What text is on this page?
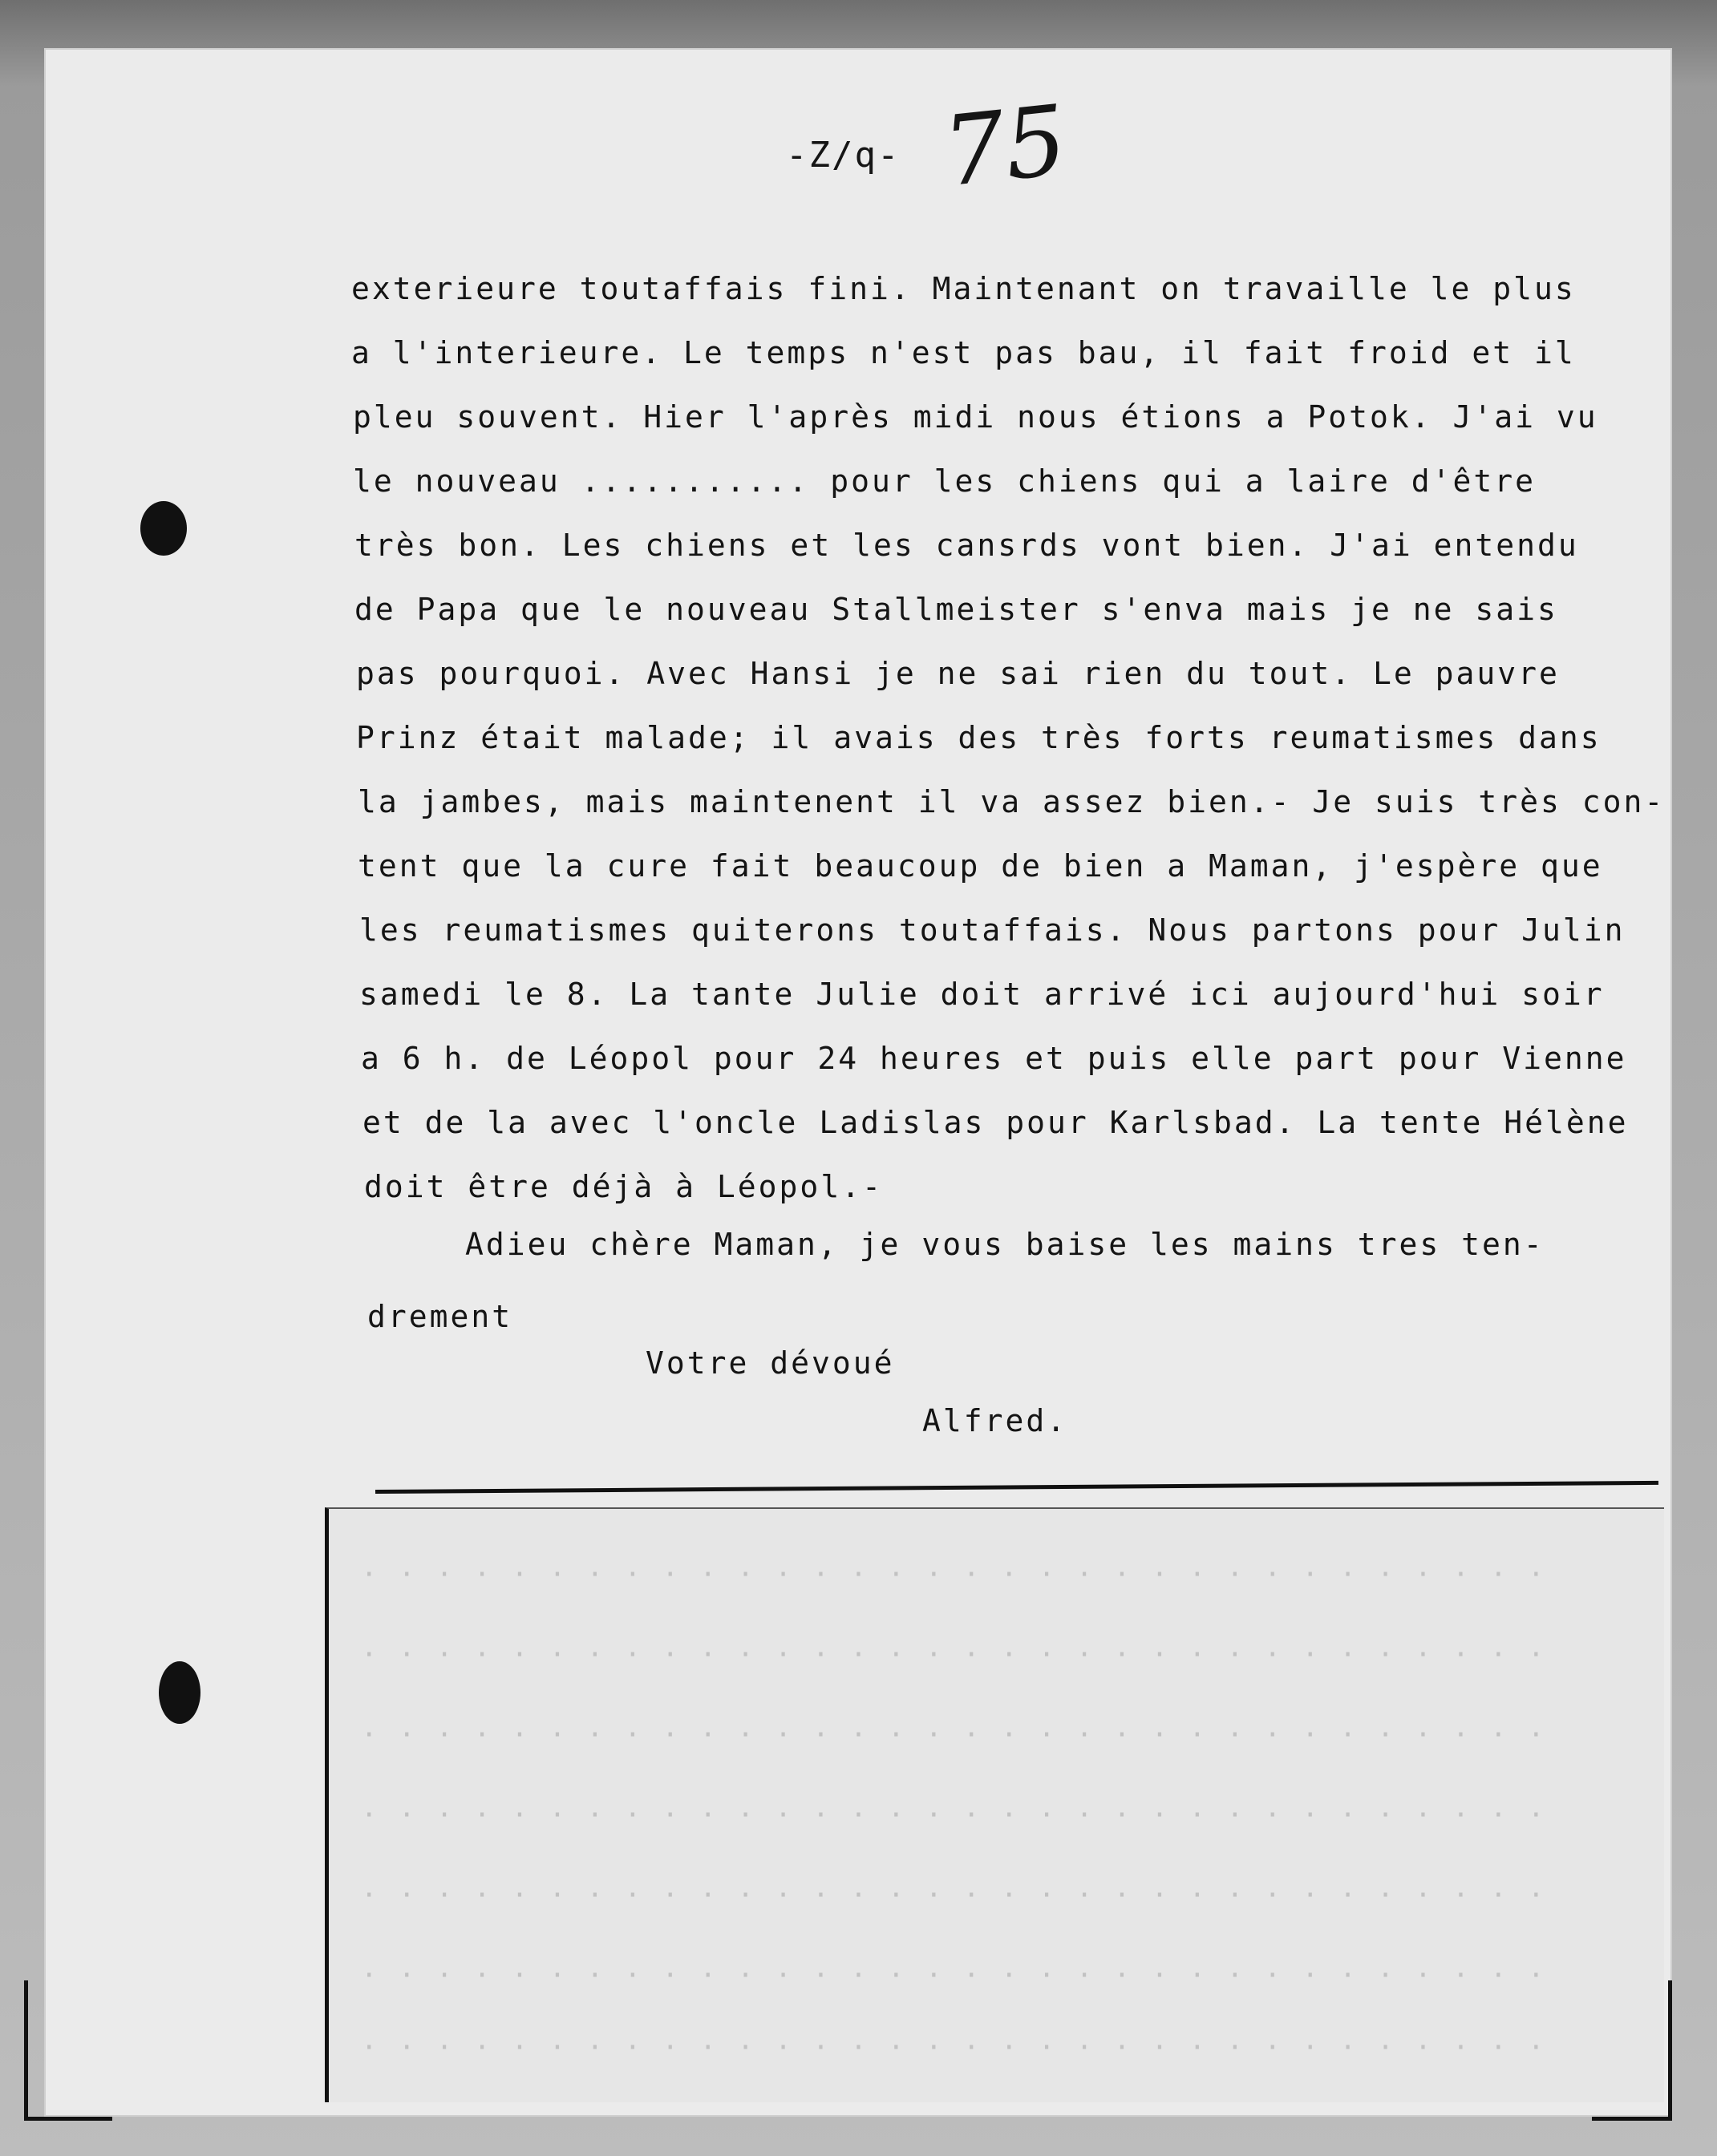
-Z/q- 75
exterieure toutaffais fini. Maintenant on travaille le plus
a l'interieure. Le temps n'est pas bau, il fait froid et il
pleu souvent. Hier l'après midi nous étions a Potok. J'ai vu
le nouveau ........... pour les chiens qui a laire d'être
très bon. Les chiens et les cansrds vont bien. J'ai entendu
de Papa que le nouveau Stallmeister s'enva mais je ne sais
pas pourquoi. Avec Hansi je ne sai rien du tout. Le pauvre
Prinz était malade; il avais des très forts reumatismes dans
la jambes, mais maintenent il va assez bien.- Je suis très con-
tent que la cure fait beaucoup de bien a Maman, j'espère que
les reumatismes quiterons toutaffais. Nous partons pour Julin
samedi le 8. La tante Julie doit arrivé ici aujourd'hui soir
a 6 h. de Léopol pour 24 heures et puis elle part pour Vienne
et de la avec l'oncle Ladislas pour Karlsbad. La tente Hélène
doit être déjà à Léopol.-
Adieu chère Maman, je vous baise les mains tres ten-
drement
Votre dévoué
Alfred.
· · · · · · · · · · · · · · · · · · · · · · · · · · · · · · · ·
· · · · · · · · · · · · · · · · · · · · · · · · · · · · · · · ·
· · · · · · · · · · · · · · · · · · · · · · · · · · · · · · · ·
· · · · · · · · · · · · · · · · · · · · · · · · · · · · · · · ·
· · · · · · · · · · · · · · · · · · · · · · · · · · · · · · · ·
· · · · · · · · · · · · · · · · · · · · · · · · · · · · · · · ·
· · · · · · · · · · · · · · · · · · · · · · · · · · · · · · · ·
